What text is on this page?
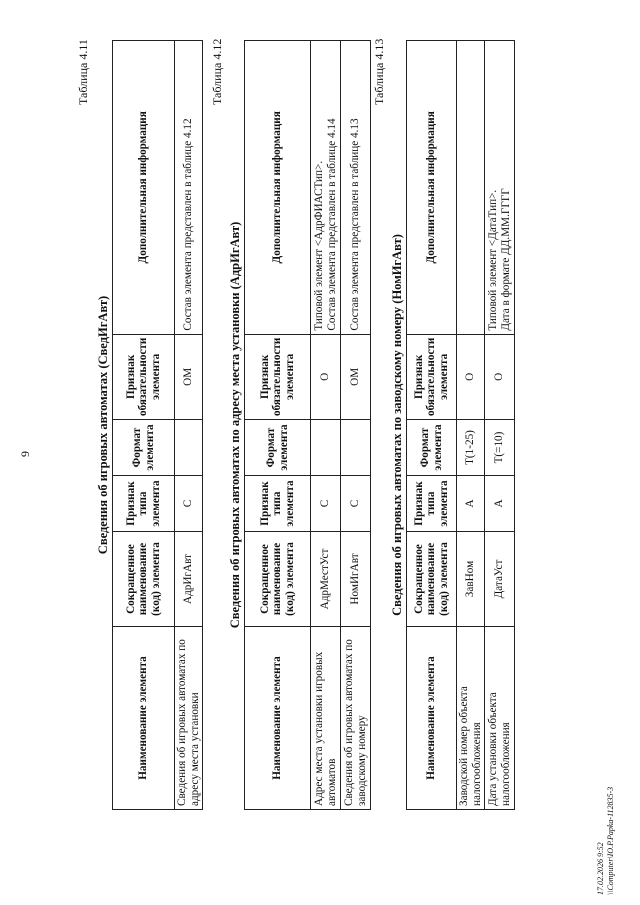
9
Таблица 4.11
Сведения об игровых автоматах (СведИгАвт)
Наименование элемента	Сокращенное наименование (код) элемента	Признак типа элемента	Формат элемента	Признак обязательности элемента	Дополнительная информация
Сведения об игровых автоматах по адресу места установки	АдрИгАвт	С		ОМ	Состав элемента представлен в таблице 4.12
Таблица 4.12
Сведения об игровых автоматах по адресу места установки (АдрИгАвт)
Наименование элемента	Сокращенное наименование (код) элемента	Признак типа элемента	Формат элемента	Признак обязательности элемента	Дополнительная информация
Адрес места установки игровых автоматов	АдрМестУст	С		О	Типовой элемент <АдрФИАСТип>.
Состав элемента представлен в таблице 4.14
Сведения об игровых автоматах по заводскому номеру	НомИгАвт	С		ОМ	Состав элемента представлен в таблице 4.13
Таблица 4.13
Сведения об игровых автоматах по заводскому номеру (НомИгАвт)
Наименование элемента	Сокращенное наименование (код) элемента	Признак типа элемента	Формат элемента	Признак обязательности элемента	Дополнительная информация
Заводской номер объекта налогообложения	ЗавНом	А	Т(1-25)	О	
Дата установки объекта налогообложения	ДатаУст	А	Т(=10)	О	Типовой элемент <ДатаТип>.
Дата в формате ДД.ММ.ГГГГ
17.02.2026 9:52
\\Computer\IO.P.Papka-112835-3
